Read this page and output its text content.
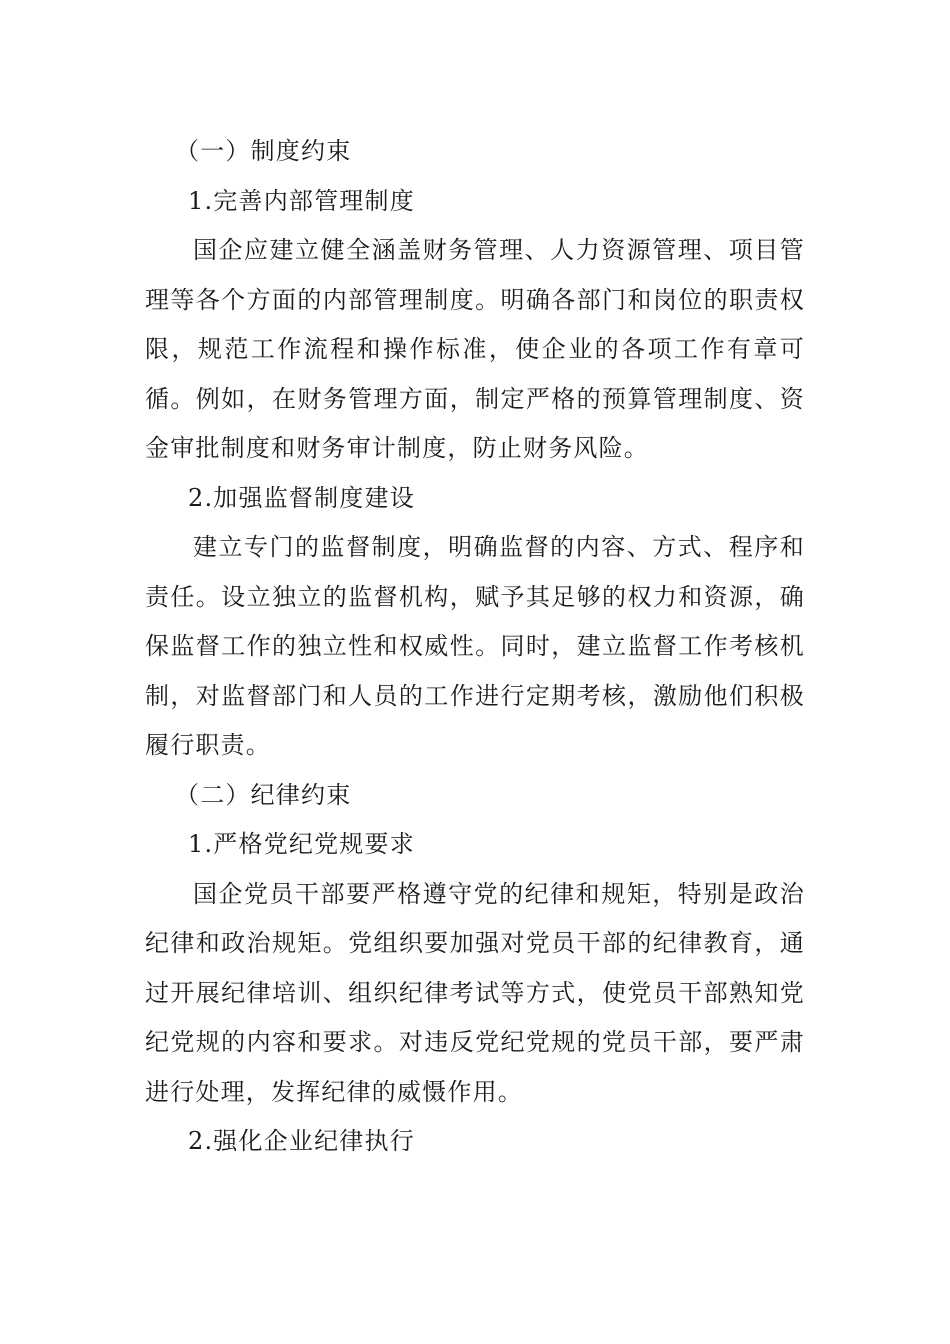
（一）制度约束

1.完善内部管理制度

国企应建立健全涵盖财务管理、人力资源管理、项目管理等各个方面的内部管理制度。明确各部门和岗位的职责权限，规范工作流程和操作标准，使企业的各项工作有章可循。例如，在财务管理方面，制定严格的预算管理制度、资金审批制度和财务审计制度，防止财务风险。

2.加强监督制度建设

建立专门的监督制度，明确监督的内容、方式、程序和责任。设立独立的监督机构，赋予其足够的权力和资源，确保监督工作的独立性和权威性。同时，建立监督工作考核机制，对监督部门和人员的工作进行定期考核，激励他们积极履行职责。

（二）纪律约束

1.严格党纪党规要求

国企党员干部要严格遵守党的纪律和规矩，特别是政治纪律和政治规矩。党组织要加强对党员干部的纪律教育，通过开展纪律培训、组织纪律考试等方式，使党员干部熟知党纪党规的内容和要求。对违反党纪党规的党员干部，要严肃进行处理，发挥纪律的威慑作用。

2.强化企业纪律执行
